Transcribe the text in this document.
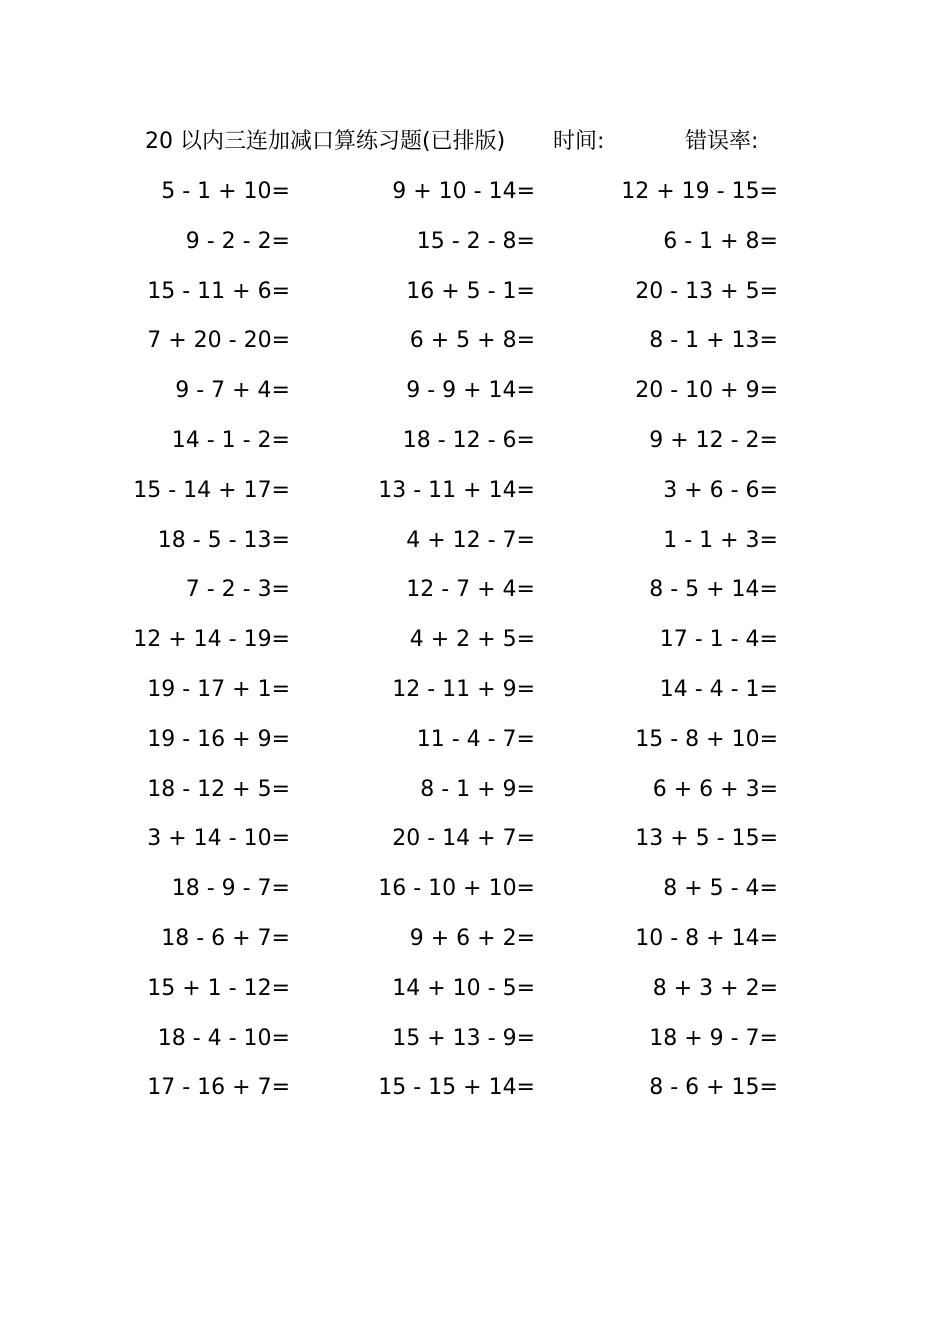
20 以内三连加减口算练习题(已排版) 时间:	错误率:
5 - 1 + 10=	9 + 10 - 14=	12 + 19 - 15=
9 - 2 - 2=	15 - 2 - 8=	6 - 1 + 8=
15 - 11 + 6=	16 + 5 - 1=	20 - 13 + 5=
7 + 20 - 20=	6 + 5 + 8=	8 - 1 + 13=
9 - 7 + 4=	9 - 9 + 14=	20 - 10 + 9=
14 - 1 - 2=	18 - 12 - 6=	9 + 12 - 2=
15 - 14 + 17=	13 - 11 + 14=	3 + 6 - 6=
18 - 5 - 13=	4 + 12 - 7=	1 - 1 + 3=
7 - 2 - 3=	12 - 7 + 4=	8 - 5 + 14=
12 + 14 - 19=	4 + 2 + 5=	17 - 1 - 4=
19 - 17 + 1=	12 - 11 + 9=	14 - 4 - 1=
19 - 16 + 9=	11 - 4 - 7=	15 - 8 + 10=
18 - 12 + 5=	8 - 1 + 9=	6 + 6 + 3=
3 + 14 - 10=	20 - 14 + 7=	13 + 5 - 15=
18 - 9 - 7=	16 - 10 + 10=	8 + 5 - 4=
18 - 6 + 7=	9 + 6 + 2=	10 - 8 + 14=
15 + 1 - 12=	14 + 10 - 5=	8 + 3 + 2=
18 - 4 - 10=	15 + 13 - 9=	18 + 9 - 7=
17 - 16 + 7=	15 - 15 + 14=	8 - 6 + 15=
